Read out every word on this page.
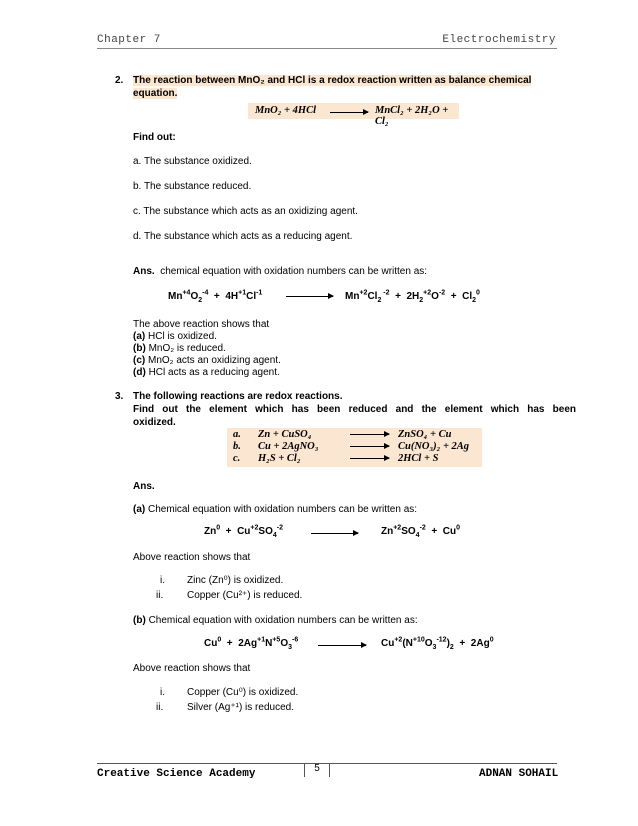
Chapter 7	Electrochemistry
2. The reaction between MnO₂ and HCl is a redox reaction written as balance chemical
equation.
MnO₂ + 4HCl	MnCl₂ + 2H₂O + Cl₂
Find out:
a. The substance oxidized.
b. The substance reduced.
c. The substance which acts as an oxidizing agent.
d. The substance which acts as a reducing agent.
Ans. chemical equation with oxidation numbers can be written as:
$Mn^{+4}O_2^{-4} + 4H^{+1}Cl^{-1}$	$Mn^{+2}Cl_2$ $^{-2} + 2H_2^{+2}O^{-2} + Cl_2^0$
The above reaction shows that
(a) HCl is oxidized.
(b) MnO₂ is reduced.
(c) MnO₂ acts an oxidizing agent.
(d) HCl acts as a reducing agent.
3. The following reactions are redox reactions.
Find out the element which has been reduced and the element which has been
oxidized.
a. Zn + CuSO₄	ZnSO₄ + Cu
b. Cu + 2AgNO₃	Cu(NO₃)₂ + 2Ag
c. H₂S + Cl₂	2HCl + S
Ans.
(a) Chemical equation with oxidation numbers can be written as:
$Zn^0 + Cu^{+2}SO_4^{-2}$	$Zn^{+2}SO_4^{-2} + Cu^0$
Above reaction shows that
i. Zinc (Zn⁰) is oxidized.
ii. Copper (Cu²⁺) is reduced.
(b) Chemical equation with oxidation numbers can be written as:
$Cu^0 + 2Ag^{+1}N^{+5}O_3^{-6}$	$Cu^{+2}(N^{+10}O_3^{-12})_2 + 2Ag^0$
Above reaction shows that
i. Copper (Cu⁰) is oxidized.
ii. Silver (Ag⁺¹) is reduced.
Creative Science Academy	5	ADNAN SOHAIL
